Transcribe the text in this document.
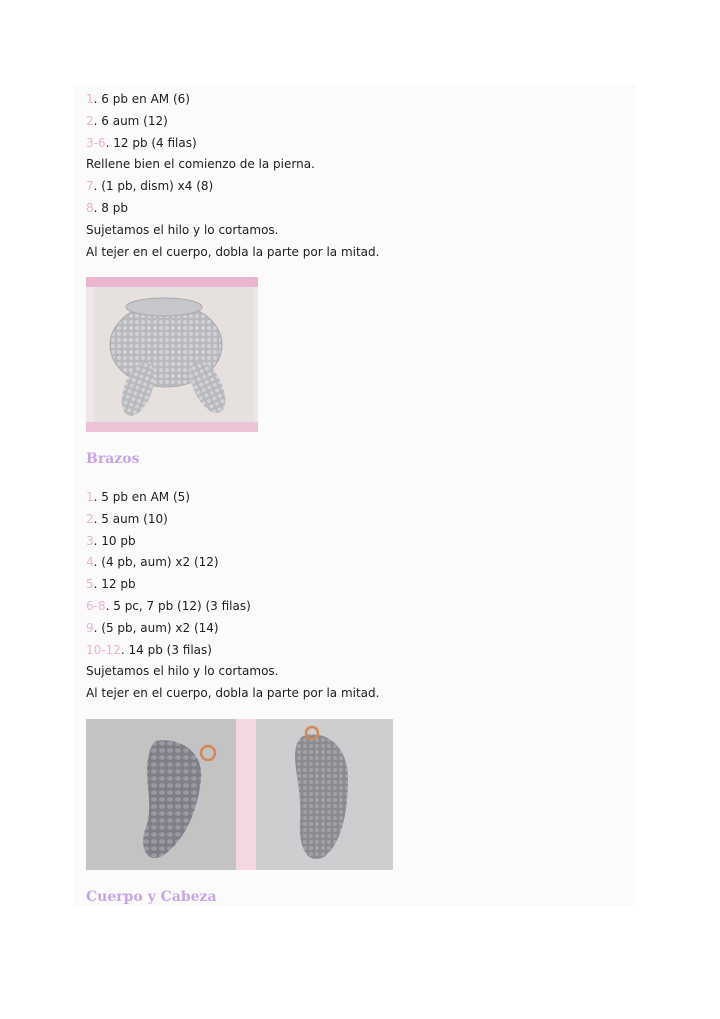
1. 6 pb en AM (6)
2. 6 aum (12)
3-6. 12 pb (4 filas)
Rellene bien el comienzo de la pierna.
7. (1 pb, dism) x4 (8)
8. 8 pb
Sujetamos el hilo y lo cortamos.
Al tejer en el cuerpo, dobla la parte por la mitad.
Brazos
1. 5 pb en AM (5)
2. 5 aum (10)
3. 10 pb
4. (4 pb, aum) x2 (12)
5. 12 pb
6-8. 5 pc, 7 pb (12) (3 filas)
9. (5 pb, aum) x2 (14)
10-12. 14 pb (3 filas)
Sujetamos el hilo y lo cortamos.
Al tejer en el cuerpo, dobla la parte por la mitad.
Cuerpo y Cabeza
